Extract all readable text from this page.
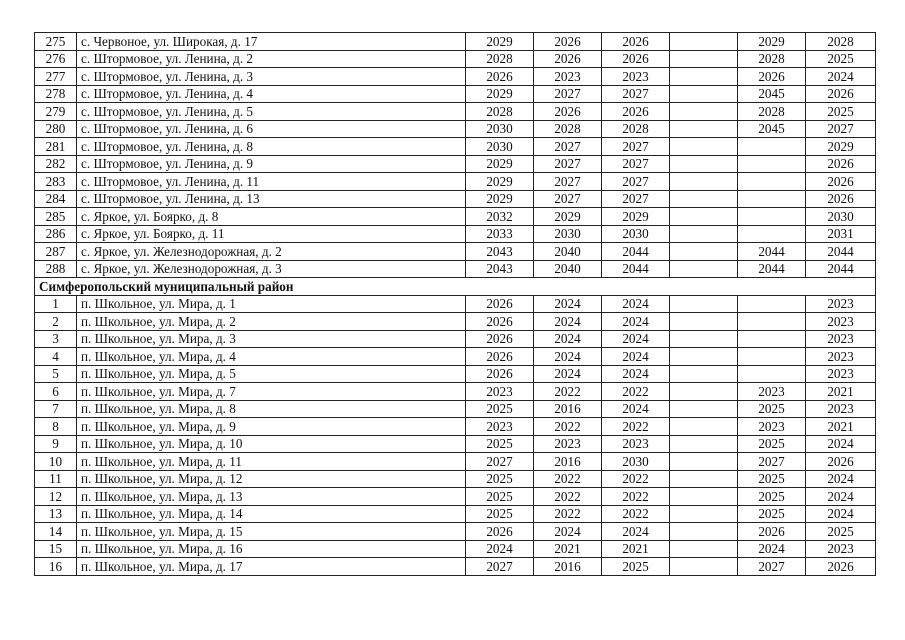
275	с. Червоное, ул. Широкая, д. 17	2029	2026	2026		2029	2028
276	с. Штормовое, ул. Ленина, д. 2	2028	2026	2026		2028	2025
277	с. Штормовое, ул. Ленина, д. 3	2026	2023	2023		2026	2024
278	с. Штормовое, ул. Ленина, д. 4	2029	2027	2027		2045	2026
279	с. Штормовое, ул. Ленина, д. 5	2028	2026	2026		2028	2025
280	с. Штормовое, ул. Ленина, д. 6	2030	2028	2028		2045	2027
281	с. Штормовое, ул. Ленина, д. 8	2030	2027	2027			2029
282	с. Штормовое, ул. Ленина, д. 9	2029	2027	2027			2026
283	с. Штормовое, ул. Ленина, д. 11	2029	2027	2027			2026
284	с. Штормовое, ул. Ленина, д. 13	2029	2027	2027			2026
285	с. Яркое, ул. Боярко, д. 8	2032	2029	2029			2030
286	с. Яркое, ул. Боярко, д. 11	2033	2030	2030			2031
287	с. Яркое, ул. Железнодорожная, д. 2	2043	2040	2044		2044	2044
288	с. Яркое, ул. Железнодорожная, д. 3	2043	2040	2044		2044	2044
Симферопольский муниципальный район							
1	п. Школьное, ул. Мира, д. 1	2026	2024	2024			2023
2	п. Школьное, ул. Мира, д. 2	2026	2024	2024			2023
3	п. Школьное, ул. Мира, д. 3	2026	2024	2024			2023
4	п. Школьное, ул. Мира, д. 4	2026	2024	2024			2023
5	п. Школьное, ул. Мира, д. 5	2026	2024	2024			2023
6	п. Школьное, ул. Мира, д. 7	2023	2022	2022		2023	2021
7	п. Школьное, ул. Мира, д. 8	2025	2016	2024		2025	2023
8	п. Школьное, ул. Мира, д. 9	2023	2022	2022		2023	2021
9	п. Школьное, ул. Мира, д. 10	2025	2023	2023		2025	2024
10	п. Школьное, ул. Мира, д. 11	2027	2016	2030		2027	2026
11	п. Школьное, ул. Мира, д. 12	2025	2022	2022		2025	2024
12	п. Школьное, ул. Мира, д. 13	2025	2022	2022		2025	2024
13	п. Школьное, ул. Мира, д. 14	2025	2022	2022		2025	2024
14	п. Школьное, ул. Мира, д. 15	2026	2024	2024		2026	2025
15	п. Школьное, ул. Мира, д. 16	2024	2021	2021		2024	2023
16	п. Школьное, ул. Мира, д. 17	2027	2016	2025		2027	2026
